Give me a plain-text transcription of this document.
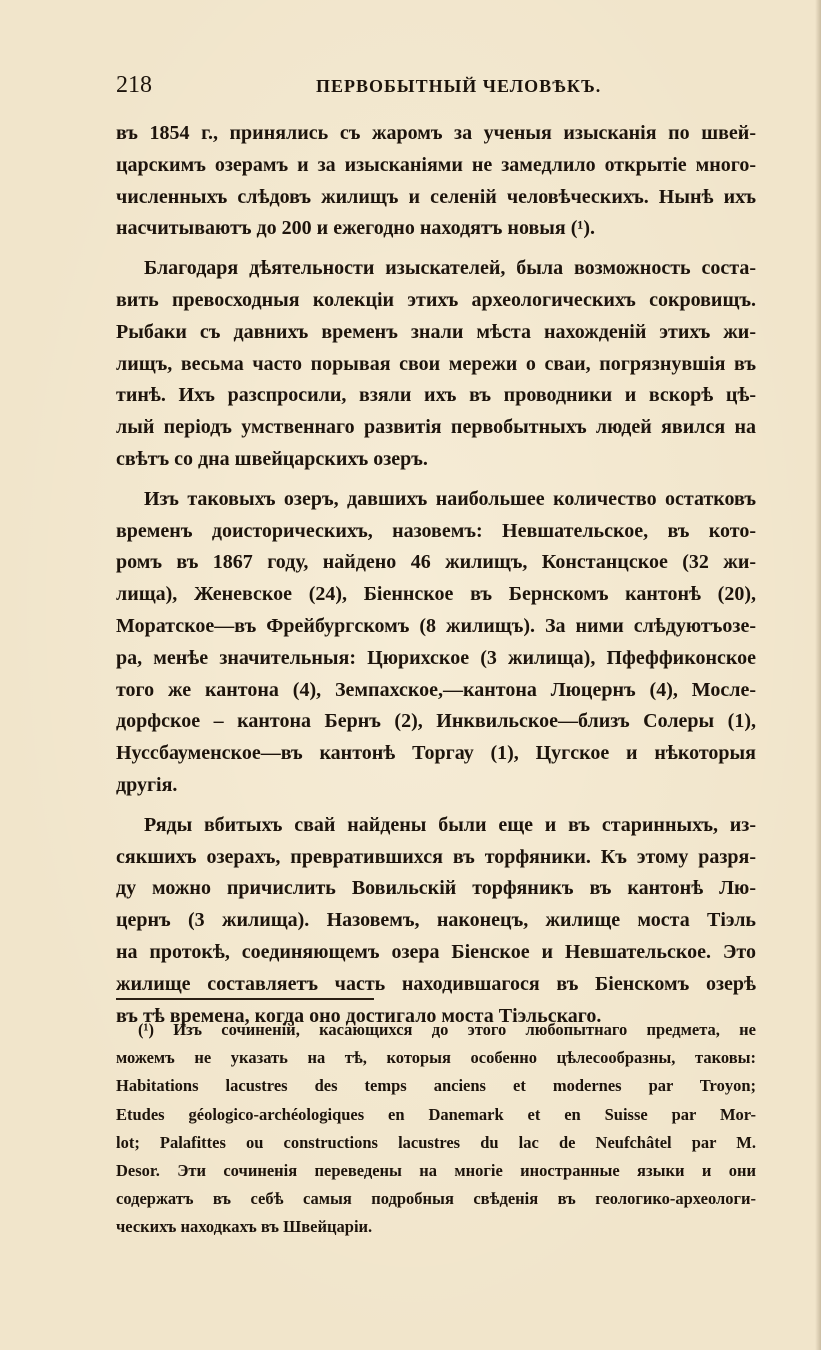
218	ПЕРВОБЫТНЫЙ ЧЕЛОВѢКЪ.
въ 1854 г., принялись съ жаромъ за ученыя изысканія по швей-
царскимъ озерамъ и за изысканіями не замедлило открытіе много-
численныхъ слѣдовъ жилищъ и селеній человѣческихъ. Нынѣ ихъ
насчитываютъ до 200 и ежегодно находятъ новыя (¹).
Благодаря дѣятельности изыскателей, была возможность соста-
вить превосходныя колекціи этихъ археологическихъ сокровищъ.
Рыбаки съ давнихъ временъ знали мѣста нахожденій этихъ жи-
лищъ, весьма часто порывая свои мережи о сваи, погрязнувшія въ
тинѣ. Ихъ разспросили, взяли ихъ въ проводники и вскорѣ цѣ-
лый періодъ умственнаго развитія первобытныхъ людей явился на
свѣтъ со дна швейцарскихъ озеръ.
Изъ таковыхъ озеръ, давшихъ наибольшее количество остатковъ
временъ доисторическихъ, назовемъ: Невшательское, въ кото-
ромъ въ 1867 году, найдено 46 жилищъ, Констанцское (32 жи-
лища), Женевское (24), Біеннское въ Бернскомъ кантонѣ (20),
Моратское—въ Фрейбургскомъ (8 жилищъ). За ними слѣдуютъозе-
ра, менѣе значительныя: Цюрихское (3 жилища), Пфеффиконское
того же кантона (4), Земпахское,—кантона Люцернъ (4), Мосле-
дорфское – кантона Бернъ (2), Инквильское—близъ Солеры (1),
Нуссбауменское—въ кантонѣ Торгау (1), Цугское и нѣкоторыя
другія.
Ряды вбитыхъ свай найдены были еще и въ старинныхъ, из-
сякшихъ озерахъ, превратившихся въ торфяники. Къ этому разря-
ду можно причислить Вовильскій торфяникъ въ кантонѣ Лю-
цернъ (3 жилища). Назовемъ, наконецъ, жилище моста Тіэль
на протокѣ, соединяющемъ озера Біенское и Невшательское. Это
жилище составляетъ часть находившагося въ Біенскомъ озерѣ
въ тѣ времена, когда оно достигало моста Тіэльскаго.
(¹) Изъ сочиненій, касающихся до этого любопытнаго предмета, не
можемъ не указать на тѣ, которыя особенно цѣлесообразны, таковы:
Habitations lacustres des temps anciens et modernes par Troyon;
Etudes géologico-archéologiques en Danemark et en Suisse par Mor-
lot; Palafittes ou constructions lacustres du lac de Neufchâtel par M.
Desor. Эти сочиненія переведены на многіе иностранные языки и они
содержатъ въ себѣ самыя подробныя свѣденія въ геологико-археологи-
ческихъ находкахъ въ Швейцаріи.
